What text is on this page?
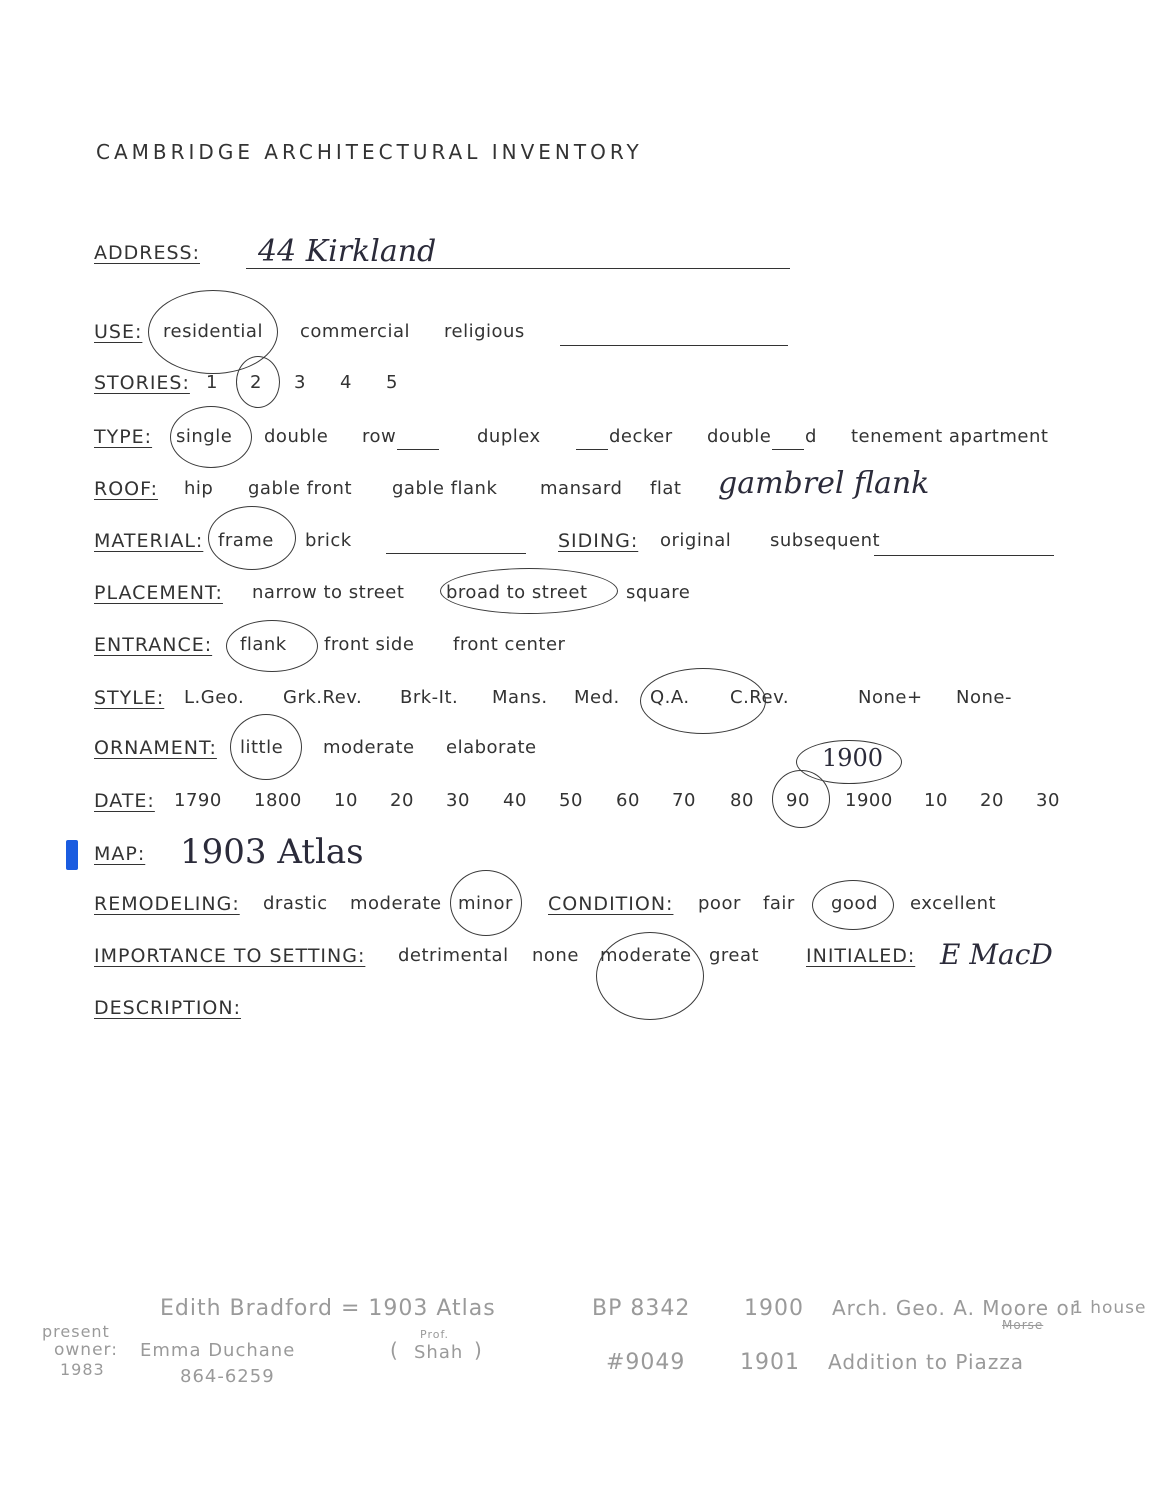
CAMBRIDGE ARCHITECTURAL INVENTORY
ADDRESS: 44 Kirkland
USE: residential commercial religious
STORIES: 1 2 3 4 5
TYPE: single double row	duplex	decker double d tenement apartment
ROOF: hip gable front gable flank mansard flat gambrel flank
MATERIAL: frame brick	SIDING: original subsequent
PLACEMENT: narrow to street broad to street square
ENTRANCE: flank front side front center
STYLE: L.Geo. Grk.Rev. Brk-It. Mans. Med. Q.A. C.Rev.	None+ None-
ORNAMENT: little moderate elaborate
DATE: 1790 1800 10 20 30 40 50 60 70 80 90 1900 10 20 30
1900
MAP: 1903 Atlas
REMODELING: drastic moderate minor CONDITION: poor fair good excellent
IMPORTANCE TO SETTING: detrimental none moderate great INITIALED: E MacD
DESCRIPTION:
Edith Bradford = 1903 Atlas
present
owner: Emma Duchane
1983	864-6259
Prof.
( Shah )
BP 8342 1900 Arch. Geo. A. Moore or
Morse
1 house
#9049 1901 Addition to Piazza
